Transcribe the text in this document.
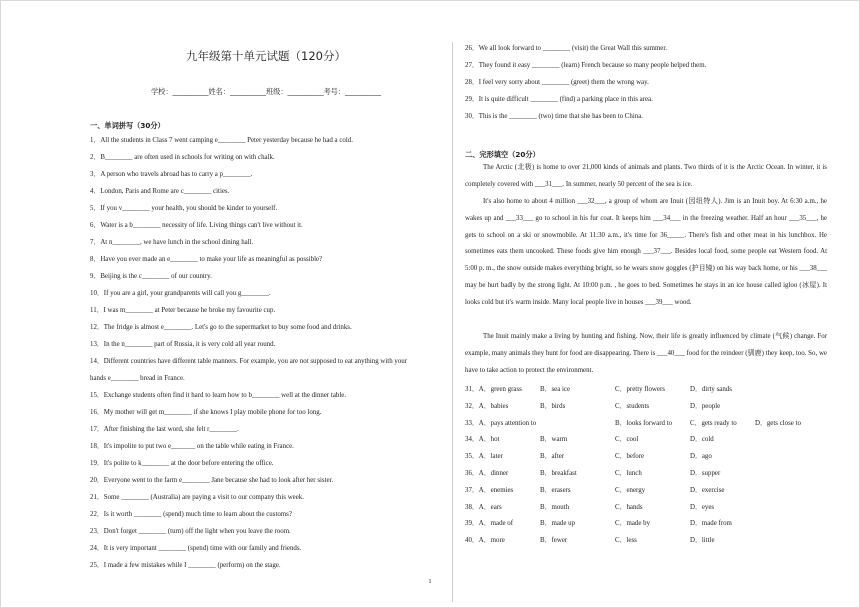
九年级第十单元试题（120分）
学校：__________姓名：__________班级：__________考号：__________
一、单词拼写（30分）
1．All the students in Class 7 went camping e________ Peter yesterday because he had a cold.
2．B________ are often used in schools for writing on with chalk.
3．A person who travels abroad has to carry a p________.
4．London, Paris and Rome are c________ cities.
5．If you v________ your health, you should be kinder to yourself.
6．Water is a b________ necessity of life. Living things can't live without it.
7．At n________, we have lunch in the school dining hall.
8．Have you ever made an e________ to make your life as meaningful as possible?
9．Beijing is the c________ of our country.
10．If you are a girl, your grandparents will call you g________.
11．I was m________ at Peter because he broke my favourite cup.
12．The fridge is almost e________. Let's go to the supermarket to buy some food and drinks.
13．In the n________ part of Russia, it is very cold all year round.
14．Different countries have different table manners. For example, you are not supposed to eat anything with your
hands e________ bread in France.
15．Exchange students often find it hard to learn how to b________ well at the dinner table.
16．My mother will get m________ if she knows I play mobile phone for too long.
17．After finishing the last word, she felt r________.
18．It's impolite to put two e_______ on the table while eating in France.
19．It's polite to k________ at the door before entering the office.
20．Everyone went to the farm e________ Jane because she had to look after her sister.
21．Some ________ (Australia) are paying a visit to our company this week.
22．Is it worth ________ (spend) much time to learn about the customs?
23．Don't forget ________ (turn) off the light when you leave the room.
24．It is very important ________ (spend) time with our family and friends.
25．I made a few mistakes while I ________ (perform) on the stage.
26．We all look forward to ________ (visit) the Great Wall this summer.
27．They found it easy ________ (learn) French because so many people helped them.
28．I feel very sorry about ________ (greet) them the wrong way.
29．It is quite difficult ________ (find) a parking place in this area.
30．This is the ________ (two) time that she has been to China.
二、完形填空（20分）
The Arctic (北极) is home to over 21,000 kinds of animals and plants. Two thirds of it is the Arctic Ocean. In winter, it is completely covered with ___31___. In summer, nearly 50 percent of the sea is ice.
It's also home to about 4 million ___32___, a group of whom are Inuit (因纽特人). Jim is an Inuit boy. At 6:30 a.m., he wakes up and ___33___ go to school in his fur coat. It keeps him ___34___ in the freezing weather. Half an hour ___35___, he gets to school on a ski or snowmobile. At 11:30 a.m., it's time for 36_____. There's fish and other meat in his lunchbox. He sometimes eats them uncooked. These foods give him enough ___37___. Besides local food, some people eat Western food. At 5:00 p. m., the snow outside makes everything bright, so he wears snow goggles (护目镜) on his way back home, or his ___38___ may be hurt badly by the strong light. At 10:00 p.m. , he goes to bed. Sometimes he stays in an ice house called igloo (冰屋). It looks cold but it's warm inside. Many local people live in houses ___39___ wood.
The Inuit mainly make a living by hunting and fishing. Now, their life is greatly influenced by climate (气候) change. For example, many animals they hunt for food are disappearing. There is ___40___ food for the reindeer (驯鹿) they keep, too. So, we have to take action to protect the environment.
31．A．green grass	B．sea ice	C．pretty flowers	D．dirty sands
32．A．babies	B．birds	C．students	D．people
33．A．pays attention to	B．looks forward to	C．gets ready to	D．gets close to
34．A．hot	B．warm	C．cool	D．cold
35．A．later	B．after	C．before	D．ago
36．A．dinner	B．breakfast	C．lunch	D．supper
37．A．enemies	B．erasers	C．energy	D．exercise
38．A．ears	B．mouth	C．hands	D．eyes
39．A．made of	B．made up	C．made by	D．made from
40．A．more	B．fewer	C．less	D．little
1
